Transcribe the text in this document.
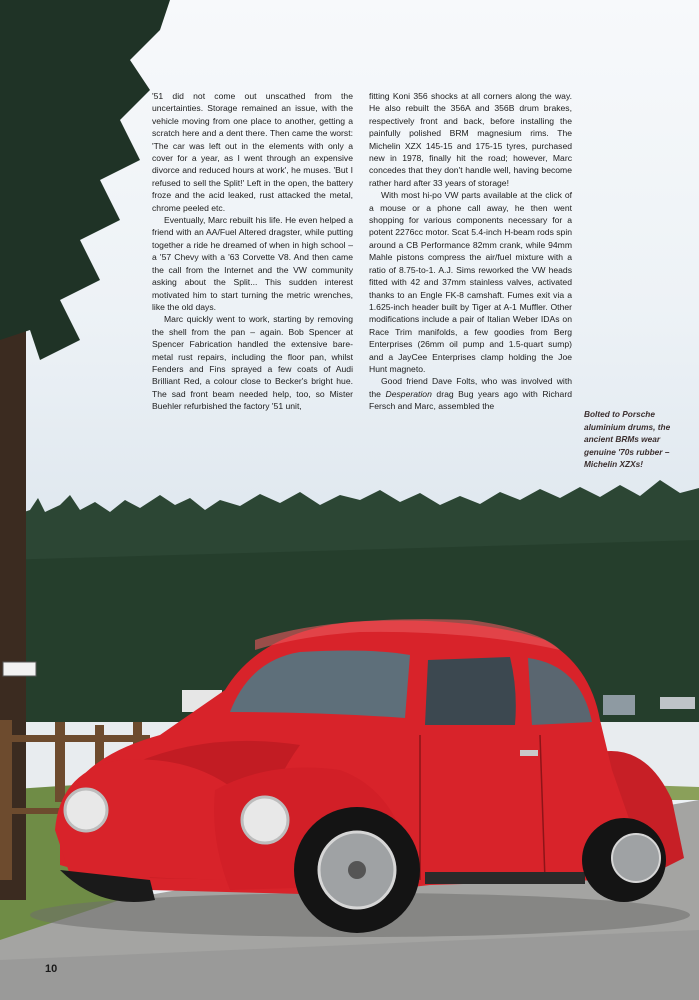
'51 did not come out unscathed from the uncertainties. Storage remained an issue, with the vehicle moving from one place to another, getting a scratch here and a dent there. Then came the worst: 'The car was left out in the elements with only a cover for a year, as I went through an expensive divorce and reduced hours at work', he muses. 'But I refused to sell the Split!' Left in the open, the battery froze and the acid leaked, rust attacked the metal, chrome peeled etc.

Eventually, Marc rebuilt his life. He even helped a friend with an AA/Fuel Altered dragster, while putting together a ride he dreamed of when in high school – a '57 Chevy with a '63 Corvette V8. And then came the call from the Internet and the VW community asking about the Split... This sudden interest motivated him to start turning the metric wrenches, like the old days.

Marc quickly went to work, starting by removing the shell from the pan – again. Bob Spencer at Spencer Fabrication handled the extensive bare-metal rust repairs, including the floor pan, whilst Fenders and Fins sprayed a few coats of Audi Brilliant Red, a colour close to Becker's bright hue. The sad front beam needed help, too, so Mister Buehler refurbished the factory '51 unit,

fitting Koni 356 shocks at all corners along the way. He also rebuilt the 356A and 356B drum brakes, respectively front and back, before installing the painfully polished BRM magnesium rims. The Michelin XZX 145-15 and 175-15 tyres, purchased new in 1978, finally hit the road; however, Marc concedes that they don't handle well, having become rather hard after 33 years of storage!

With most hi-po VW parts available at the click of a mouse or a phone call away, he then went shopping for various components necessary for a potent 2276cc motor. Scat 5.4-inch H-beam rods spin around a CB Performance 82mm crank, while 94mm Mahle pistons compress the air/fuel mixture with a ratio of 8.75-to-1. A.J. Sims reworked the VW heads fitted with 42 and 37mm stainless valves, activated thanks to an Engle FK-8 camshaft. Fumes exit via a 1.625-inch header built by Tiger at A-1 Muffler. Other modifications include a pair of Italian Weber IDAs on Race Trim manifolds, a few goodies from Berg Enterprises (26mm oil pump and 1.5-quart sump) and a JayCee Enterprises clamp holding the Joe Hunt magneto.

Good friend Dave Folts, who was involved with the Desperation drag Bug years ago with Richard Fersch and Marc, assembled the

Bolted to Porsche aluminium drums, the ancient BRMs wear genuine '70s rubber – Michelin XZXs!
10
